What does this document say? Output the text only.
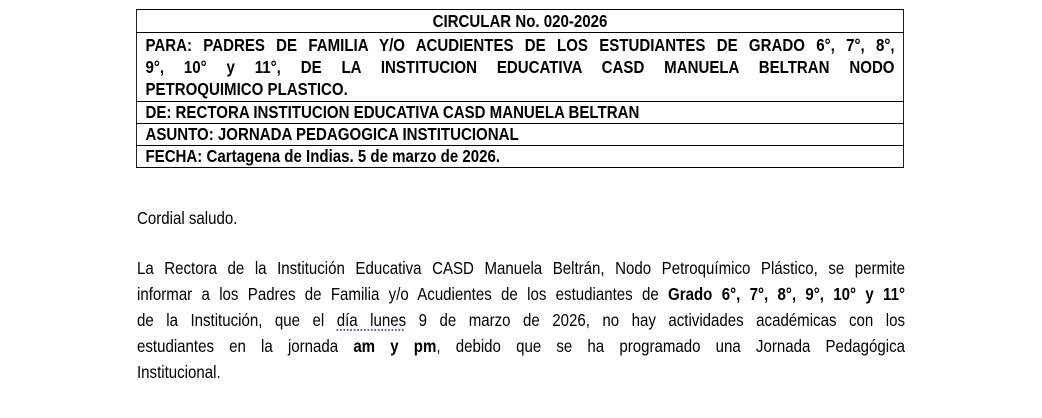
CIRCULAR No. 020-2026

PARA: PADRES DE FAMILIA Y/O ACUDIENTES DE LOS ESTUDIANTES DE GRADO 6°, 7°, 8°,
9°, 10° y 11°, DE LA INSTITUCION EDUCATIVA CASD MANUELA BELTRAN NODO
PETROQUIMICO PLASTICO.

DE: RECTORA INSTITUCION EDUCATIVA CASD MANUELA BELTRAN
ASUNTO: JORNADA PEDAGOGICA INSTITUCIONAL
FECHA: Cartagena de Indias. 5 de marzo de 2026.
Cordial saludo.
La Rectora de la Institución Educativa CASD Manuela Beltrán, Nodo Petroquímico Plástico, se permite
informar a los Padres de Familia y/o Acudientes de los estudiantes de Grado 6°, 7°, 8°, 9°, 10° y 11°
de la Institución, que el día lunes 9 de marzo de 2026, no hay actividades académicas con los
estudiantes en la jornada am y pm, debido que se ha programado una Jornada Pedagógica
Institucional.
